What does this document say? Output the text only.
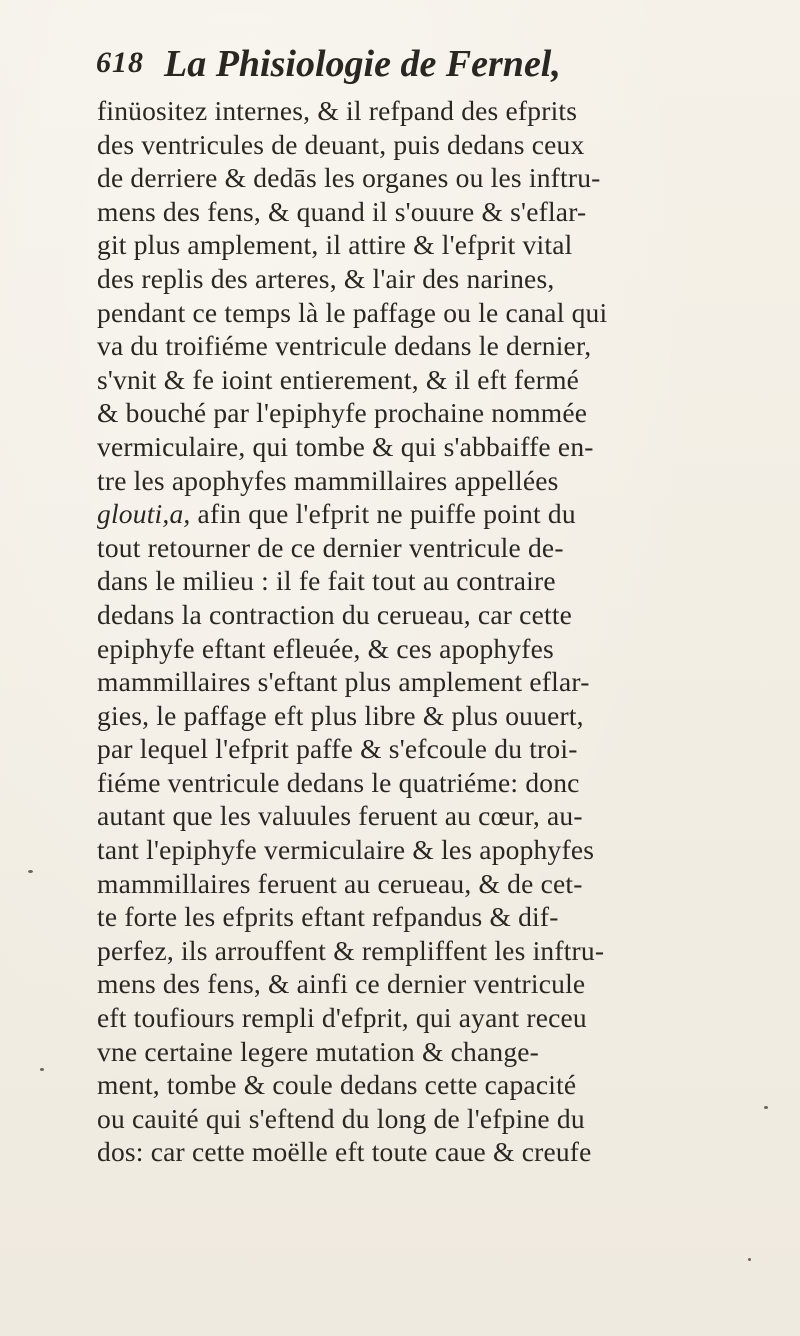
618 La Phisiologie de Fernel,
finüositez internes, & il refpand des efprits
des ventricules de deuant, puis dedans ceux
de derriere & dedās les organes ou les inftru-
mens des fens, & quand il s'ouure & s'eflar-
git plus amplement, il attire & l'efprit vital
des replis des arteres, & l'air des narines,
pendant ce temps là le paffage ou le canal qui
va du troifiéme ventricule dedans le dernier,
s'vnit & fe ioint entierement, & il eft fermé
& bouché par l'epiphyfe prochaine nommée
vermiculaire, qui tombe & qui s'abbaiffe en-
tre les apophyfes mammillaires appellées
glouti,a, afin que l'efprit ne puiffe point du
tout retourner de ce dernier ventricule de-
dans le milieu : il fe fait tout au contraire
dedans la contraction du cerueau, car cette
epiphyfe eftant efleuée, & ces apophyfes
mammillaires s'eftant plus amplement eflar-
gies, le paffage eft plus libre & plus ouuert,
par lequel l'efprit paffe & s'efcoule du troi-
fiéme ventricule dedans le quatriéme: donc
autant que les valuules feruent au cœur, au-
tant l'epiphyfe vermiculaire & les apophyfes
mammillaires feruent au cerueau, & de cet-
te forte les efprits eftant refpandus & dif-
perfez, ils arrouffent & rempliffent les inftru-
mens des fens, & ainfi ce dernier ventricule
eft toufiours rempli d'efprit, qui ayant receu
vne certaine legere mutation & change-
ment, tombe & coule dedans cette capacité
ou cauité qui s'eftend du long de l'efpine du
dos: car cette moëlle eft toute caue & creufe
